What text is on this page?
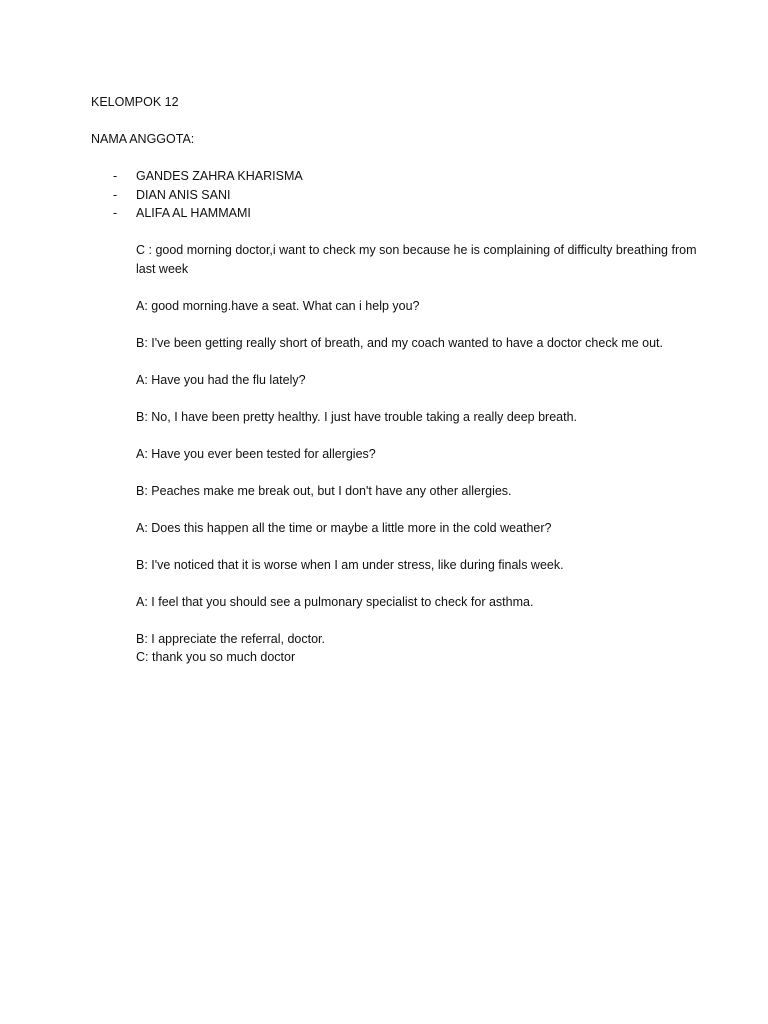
KELOMPOK 12

NAMA ANGGOTA:

- GANDES ZAHRA KHARISMA
- DIAN ANIS SANI
- ALIFA AL HAMMAMI

C : good morning doctor,i want to check my son because he is complaining of difficulty breathing from last week

A: good morning.have a seat. What can i help you?

B: I've been getting really short of breath, and my coach wanted to have a doctor check me out.

A: Have you had the flu lately?

B: No, I have been pretty healthy. I just have trouble taking a really deep breath.

A: Have you ever been tested for allergies?

B: Peaches make me break out, but I don't have any other allergies.

A: Does this happen all the time or maybe a little more in the cold weather?

B: I've noticed that it is worse when I am under stress, like during finals week.

A: I feel that you should see a pulmonary specialist to check for asthma.

B: I appreciate the referral, doctor.

C: thank you so much doctor
